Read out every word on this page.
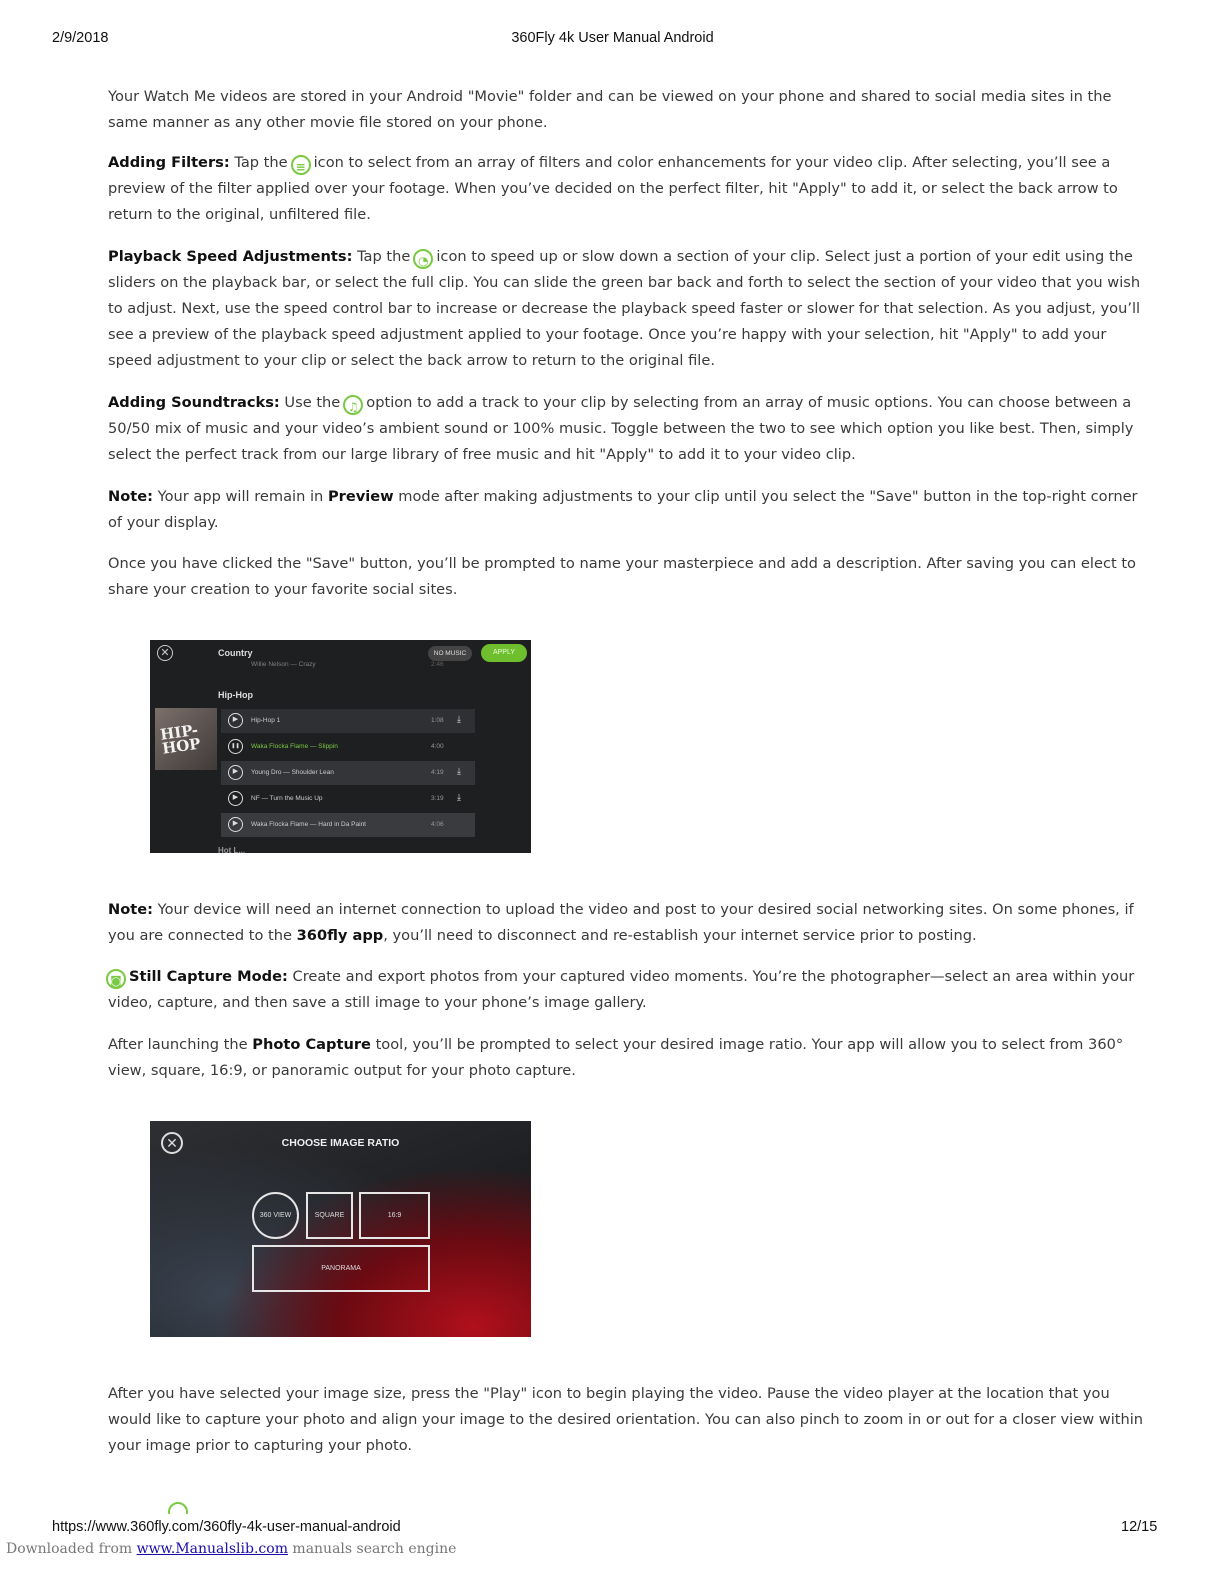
2/9/2018	360Fly 4k User Manual Android

Your Watch Me videos are stored in your Android "Movie" folder and can be viewed on your phone and shared to social media sites in the same manner as any other movie file stored on your phone.

Adding Filters: Tap the ≡ icon to select from an array of filters and color enhancements for your video clip. After selecting, you’ll see a preview of the filter applied over your footage. When you’ve decided on the perfect filter, hit "Apply" to add it, or select the back arrow to return to the original, unfiltered file.

Playback Speed Adjustments: Tap the ◔ icon to speed up or slow down a section of your clip. Select just a portion of your edit using the sliders on the playback bar, or select the full clip. You can slide the green bar back and forth to select the section of your video that you wish to adjust. Next, use the speed control bar to increase or decrease the playback speed faster or slower for that selection. As you adjust, you’ll see a preview of the playback speed adjustment applied to your footage. Once you’re happy with your selection, hit "Apply" to add your speed adjustment to your clip or select the back arrow to return to the original file.

Adding Soundtracks: Use the ♫ option to add a track to your clip by selecting from an array of music options. You can choose between a 50/50 mix of music and your video’s ambient sound or 100% music. Toggle between the two to see which option you like best. Then, simply select the perfect track from our large library of free music and hit "Apply" to add it to your video clip.

Note: Your app will remain in Preview mode after making adjustments to your clip until you select the "Save" button in the top-right corner of your display.

Once you have clicked the "Save" button, you’ll be prompted to name your masterpiece and add a description. After saving you can elect to share your creation to your favorite social sites.

✕	Country	NO MUSIC	APPLY
Willie Nelson — Crazy	2:46
Hip-Hop
HIP-HOP
▶	Hip-Hop 1	1:08 ⤓
❚❚	Waka Flocka Flame — Slippin	4:00
▶	Young Dro — Shoulder Lean	4:19 ⤓
▶	NF — Turn the Music Up	3:19 ⤓
▶	Waka Flocka Flame — Hard in Da Paint	4:06
Hot L...

Note: Your device will need an internet connection to upload the video and post to your desired social networking sites. On some phones, if you are connected to the 360fly app, you’ll need to disconnect and re-establish your internet service prior to posting.

◙ Still Capture Mode: Create and export photos from your captured video moments. You’re the photographer—select an area within your video, capture, and then save a still image to your phone’s image gallery.

After launching the Photo Capture tool, you’ll be prompted to select your desired image ratio. Your app will allow you to select from 360° view, square, 16:9, or panoramic output for your photo capture.

✕	CHOOSE IMAGE RATIO
360 VIEW	SQUARE	16:9
PANORAMA

After you have selected your image size, press the "Play" icon to begin playing the video. Pause the video player at the location that you would like to capture your photo and align your image to the desired orientation. You can also pinch to zoom in or out for a closer view within your image prior to capturing your photo.

https://www.360fly.com/360fly-4k-user-manual-android	12/15
Downloaded from www.Manualslib.com manuals search engine
